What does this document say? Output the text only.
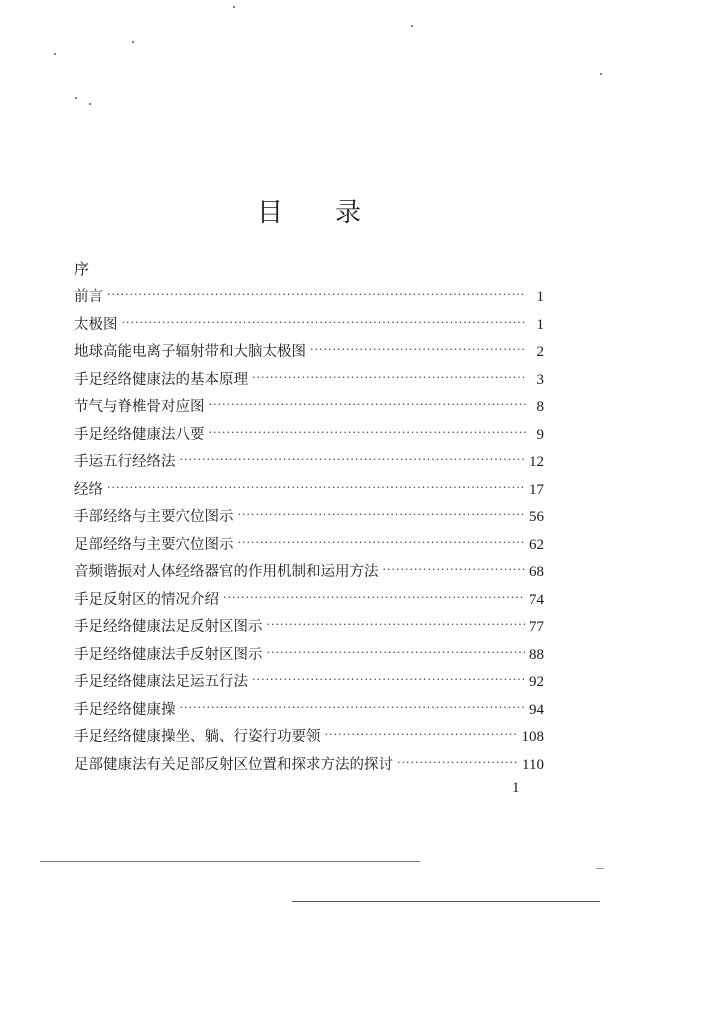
目 录
序
前言 ·····	1
太极图 ·····	1
地球高能电离子辐射带和大脑太极图 ·····	2
手足经络健康法的基本原理 ·····	3
节气与脊椎骨对应图 ·····	8
手足经络健康法八要 ·····	9
手运五行经络法 ·····	12
经络 ·····	17
手部经络与主要穴位图示 ·····	56
足部经络与主要穴位图示 ·····	62
音频谐振对人体经络器官的作用机制和运用方法 ·····	68
手足反射区的情况介绍 ·····	74
手足经络健康法足反射区图示 ·····	77
手足经络健康法手反射区图示 ·····	88
手足经络健康法足运五行法 ·····	92
手足经络健康操 ·····	94
手足经络健康操坐、躺、行姿行功要领 ·····	108
足部健康法有关足部反射区位置和探求方法的探讨 ·····	110
1
